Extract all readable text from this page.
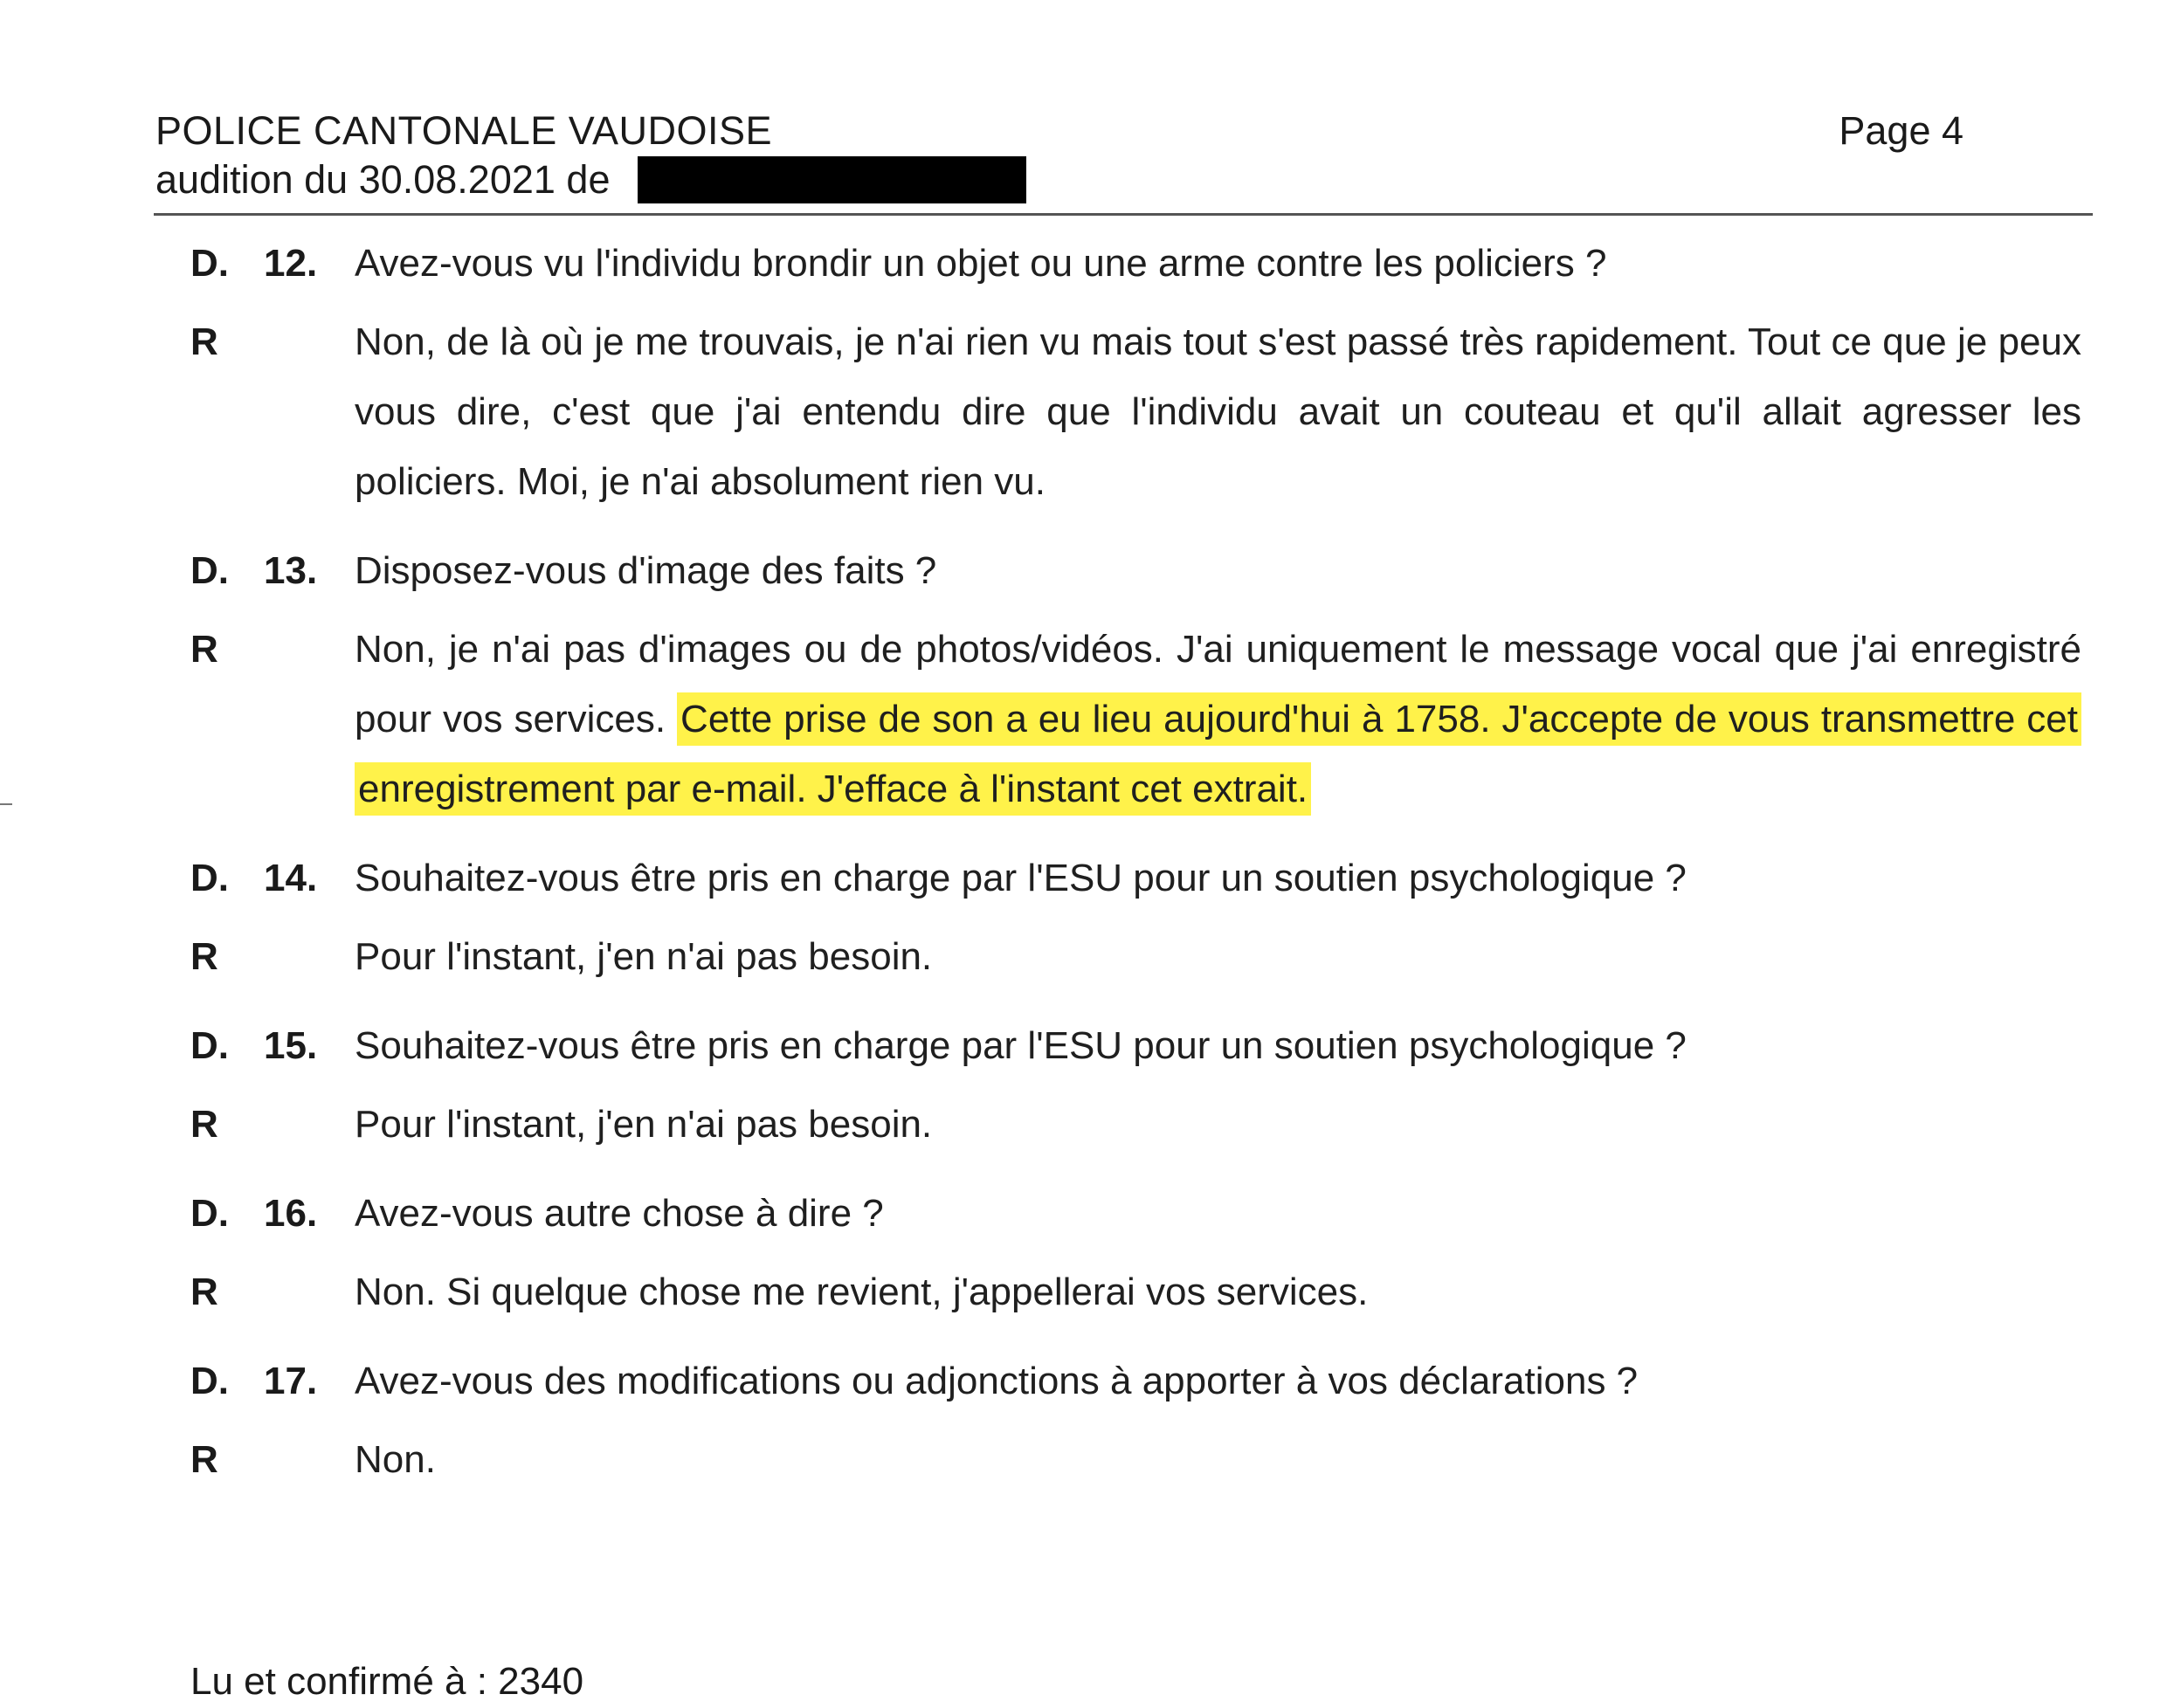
POLICE CANTONALE VAUDOISE
audition du 30.08.2021 de
Page 4
D. 12. Avez-vous vu l'individu brondir un objet ou une arme contre les policiers ?
R	Non, de là où je me trouvais, je n'ai rien vu mais tout s'est passé très rapidement. Tout ce que je peux vous dire, c'est que j'ai entendu dire que l'individu avait un couteau et qu'il allait agresser les policiers. Moi, je n'ai absolument rien vu.
D. 13. Disposez-vous d'image des faits ?
R	Non, je n'ai pas d'images ou de photos/vidéos. J'ai uniquement le message vocal que j'ai enregistré pour vos services. Cette prise de son a eu lieu aujourd'hui à 1758. J'accepte de vous transmettre cet enregistrement par e-mail. J'efface à l'instant cet extrait.
D. 14. Souhaitez-vous être pris en charge par l'ESU pour un soutien psychologique ?
R	Pour l'instant, j'en n'ai pas besoin.
D. 15. Souhaitez-vous être pris en charge par l'ESU pour un soutien psychologique ?
R	Pour l'instant, j'en n'ai pas besoin.
D. 16. Avez-vous autre chose à dire ?
R	Non. Si quelque chose me revient, j'appellerai vos services.
D. 17. Avez-vous des modifications ou adjonctions à apporter à vos déclarations ?
R	Non.
Lu et confirmé à : 2340
